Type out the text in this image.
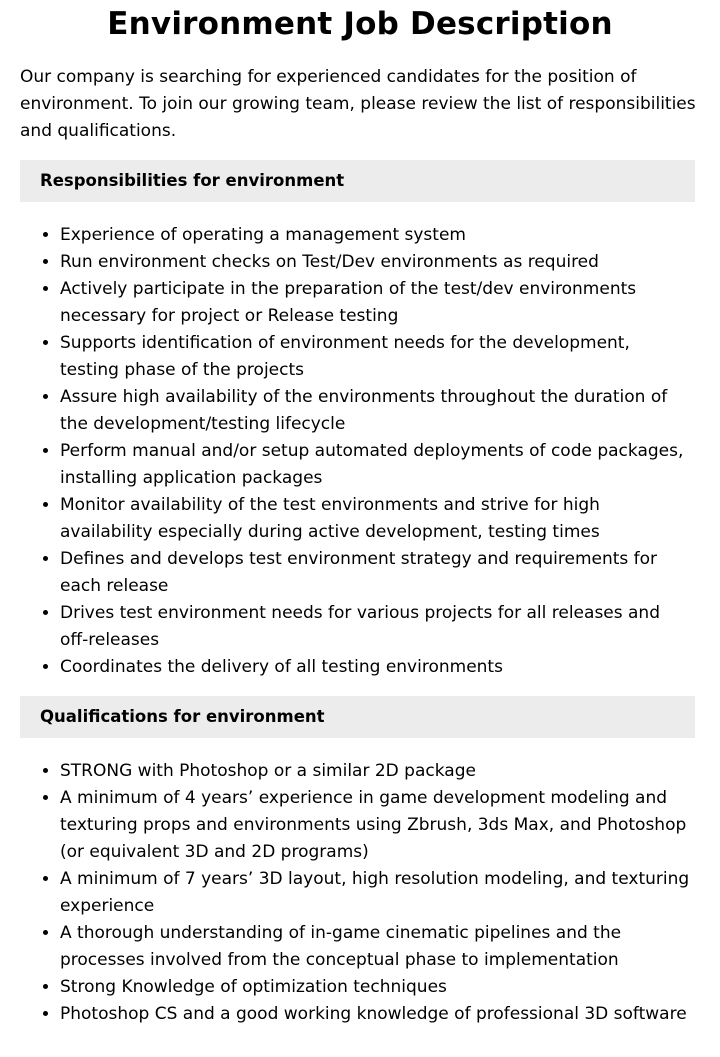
Environment Job Description

Our company is searching for experienced candidates for the position of environment. To join our growing team, please review the list of responsibilities and qualifications.

Responsibilities for environment
• Experience of operating a management system
• Run environment checks on Test/Dev environments as required
• Actively participate in the preparation of the test/dev environments necessary for project or Release testing
• Supports identification of environment needs for the development, testing phase of the projects
• Assure high availability of the environments throughout the duration of the development/testing lifecycle
• Perform manual and/or setup automated deployments of code packages, installing application packages
• Monitor availability of the test environments and strive for high availability especially during active development, testing times
• Defines and develops test environment strategy and requirements for each release
• Drives test environment needs for various projects for all releases and off-releases
• Coordinates the delivery of all testing environments
Qualifications for environment
• STRONG with Photoshop or a similar 2D package
• A minimum of 4 years’ experience in game development modeling and texturing props and environments using Zbrush, 3ds Max, and Photoshop (or equivalent 3D and 2D programs)
• A minimum of 7 years’ 3D layout, high resolution modeling, and texturing experience
• A thorough understanding of in-game cinematic pipelines and the processes involved from the conceptual phase to implementation
• Strong Knowledge of optimization techniques
• Photoshop CS and a good working knowledge of professional 3D software
